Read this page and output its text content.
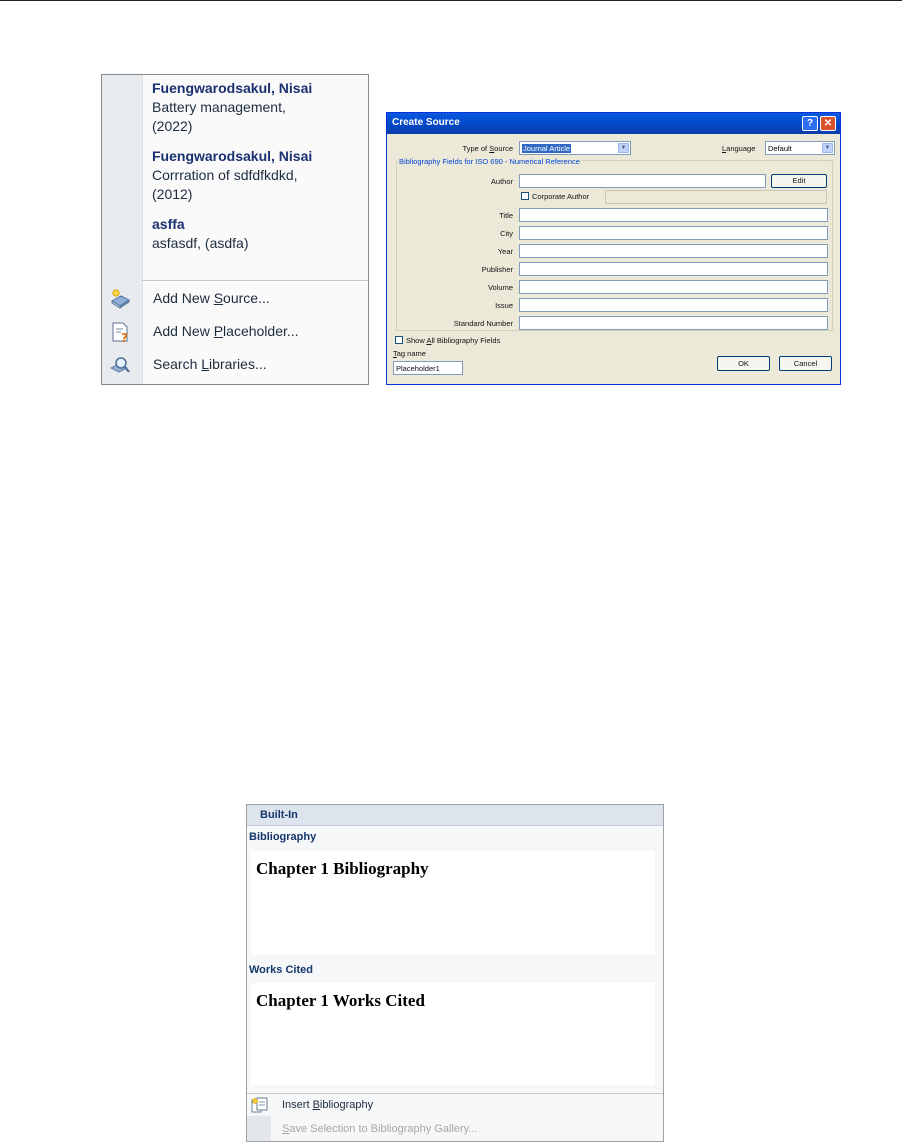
Fuengwarodsakul, Nisai
Battery management,
(2022)
Fuengwarodsakul, Nisai
Corrration of sdfdfkdkd,
(2012)
asffa
asfasdf, (asdfa)
Add New Source...
? Add New Placeholder...
Search Libraries...
Create Source	?	✕
Type of Source Journal Article	▼	Language Default	▼
Bibliography Fields for ISO 690 - Numerical Reference
Author	Edit
Corporate Author
Title
City
Year
Publisher
Volume
Issue
Standard Number
Show All Bibliography Fields
Tag name
Placeholder1
OK	Cancel
Built-In
Bibliography
Chapter 1 Bibliography
Works Cited
Chapter 1 Works Cited
Insert Bibliography
Save Selection to Bibliography Gallery...
